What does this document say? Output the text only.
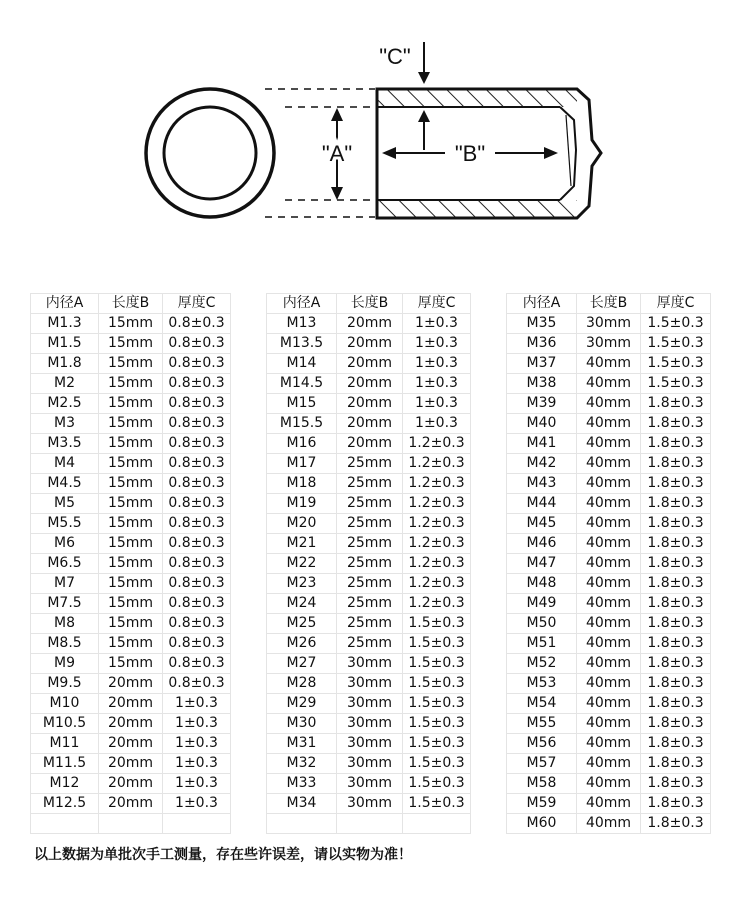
"A"	"B"
"C"
内径A	长度B	厚度C		内径A	长度B	厚度C		内径A	长度B	厚度C
M1.3	15mm	0.8±0.3		M13	20mm	1±0.3		M35	30mm	1.5±0.3
M1.5	15mm	0.8±0.3		M13.5	20mm	1±0.3		M36	30mm	1.5±0.3
M1.8	15mm	0.8±0.3		M14	20mm	1±0.3		M37	40mm	1.5±0.3
M2	15mm	0.8±0.3		M14.5	20mm	1±0.3		M38	40mm	1.5±0.3
M2.5	15mm	0.8±0.3		M15	20mm	1±0.3		M39	40mm	1.8±0.3
M3	15mm	0.8±0.3		M15.5	20mm	1±0.3		M40	40mm	1.8±0.3
M3.5	15mm	0.8±0.3		M16	20mm	1.2±0.3		M41	40mm	1.8±0.3
M4	15mm	0.8±0.3		M17	25mm	1.2±0.3		M42	40mm	1.8±0.3
M4.5	15mm	0.8±0.3		M18	25mm	1.2±0.3		M43	40mm	1.8±0.3
M5	15mm	0.8±0.3		M19	25mm	1.2±0.3		M44	40mm	1.8±0.3
M5.5	15mm	0.8±0.3		M20	25mm	1.2±0.3		M45	40mm	1.8±0.3
M6	15mm	0.8±0.3		M21	25mm	1.2±0.3		M46	40mm	1.8±0.3
M6.5	15mm	0.8±0.3		M22	25mm	1.2±0.3		M47	40mm	1.8±0.3
M7	15mm	0.8±0.3		M23	25mm	1.2±0.3		M48	40mm	1.8±0.3
M7.5	15mm	0.8±0.3		M24	25mm	1.2±0.3		M49	40mm	1.8±0.3
M8	15mm	0.8±0.3		M25	25mm	1.5±0.3		M50	40mm	1.8±0.3
M8.5	15mm	0.8±0.3		M26	25mm	1.5±0.3		M51	40mm	1.8±0.3
M9	15mm	0.8±0.3		M27	30mm	1.5±0.3		M52	40mm	1.8±0.3
M9.5	20mm	0.8±0.3		M28	30mm	1.5±0.3		M53	40mm	1.8±0.3
M10	20mm	1±0.3		M29	30mm	1.5±0.3		M54	40mm	1.8±0.3
M10.5	20mm	1±0.3		M30	30mm	1.5±0.3		M55	40mm	1.8±0.3
M11	20mm	1±0.3		M31	30mm	1.5±0.3		M56	40mm	1.8±0.3
M11.5	20mm	1±0.3		M32	30mm	1.5±0.3		M57	40mm	1.8±0.3
M12	20mm	1±0.3		M33	30mm	1.5±0.3		M58	40mm	1.8±0.3
M12.5	20mm	1±0.3		M34	30mm	1.5±0.3		M59	40mm	1.8±0.3
								M60	40mm	1.8±0.3
以上数据为单批次手工测量，存在些许误差，请以实物为准！
